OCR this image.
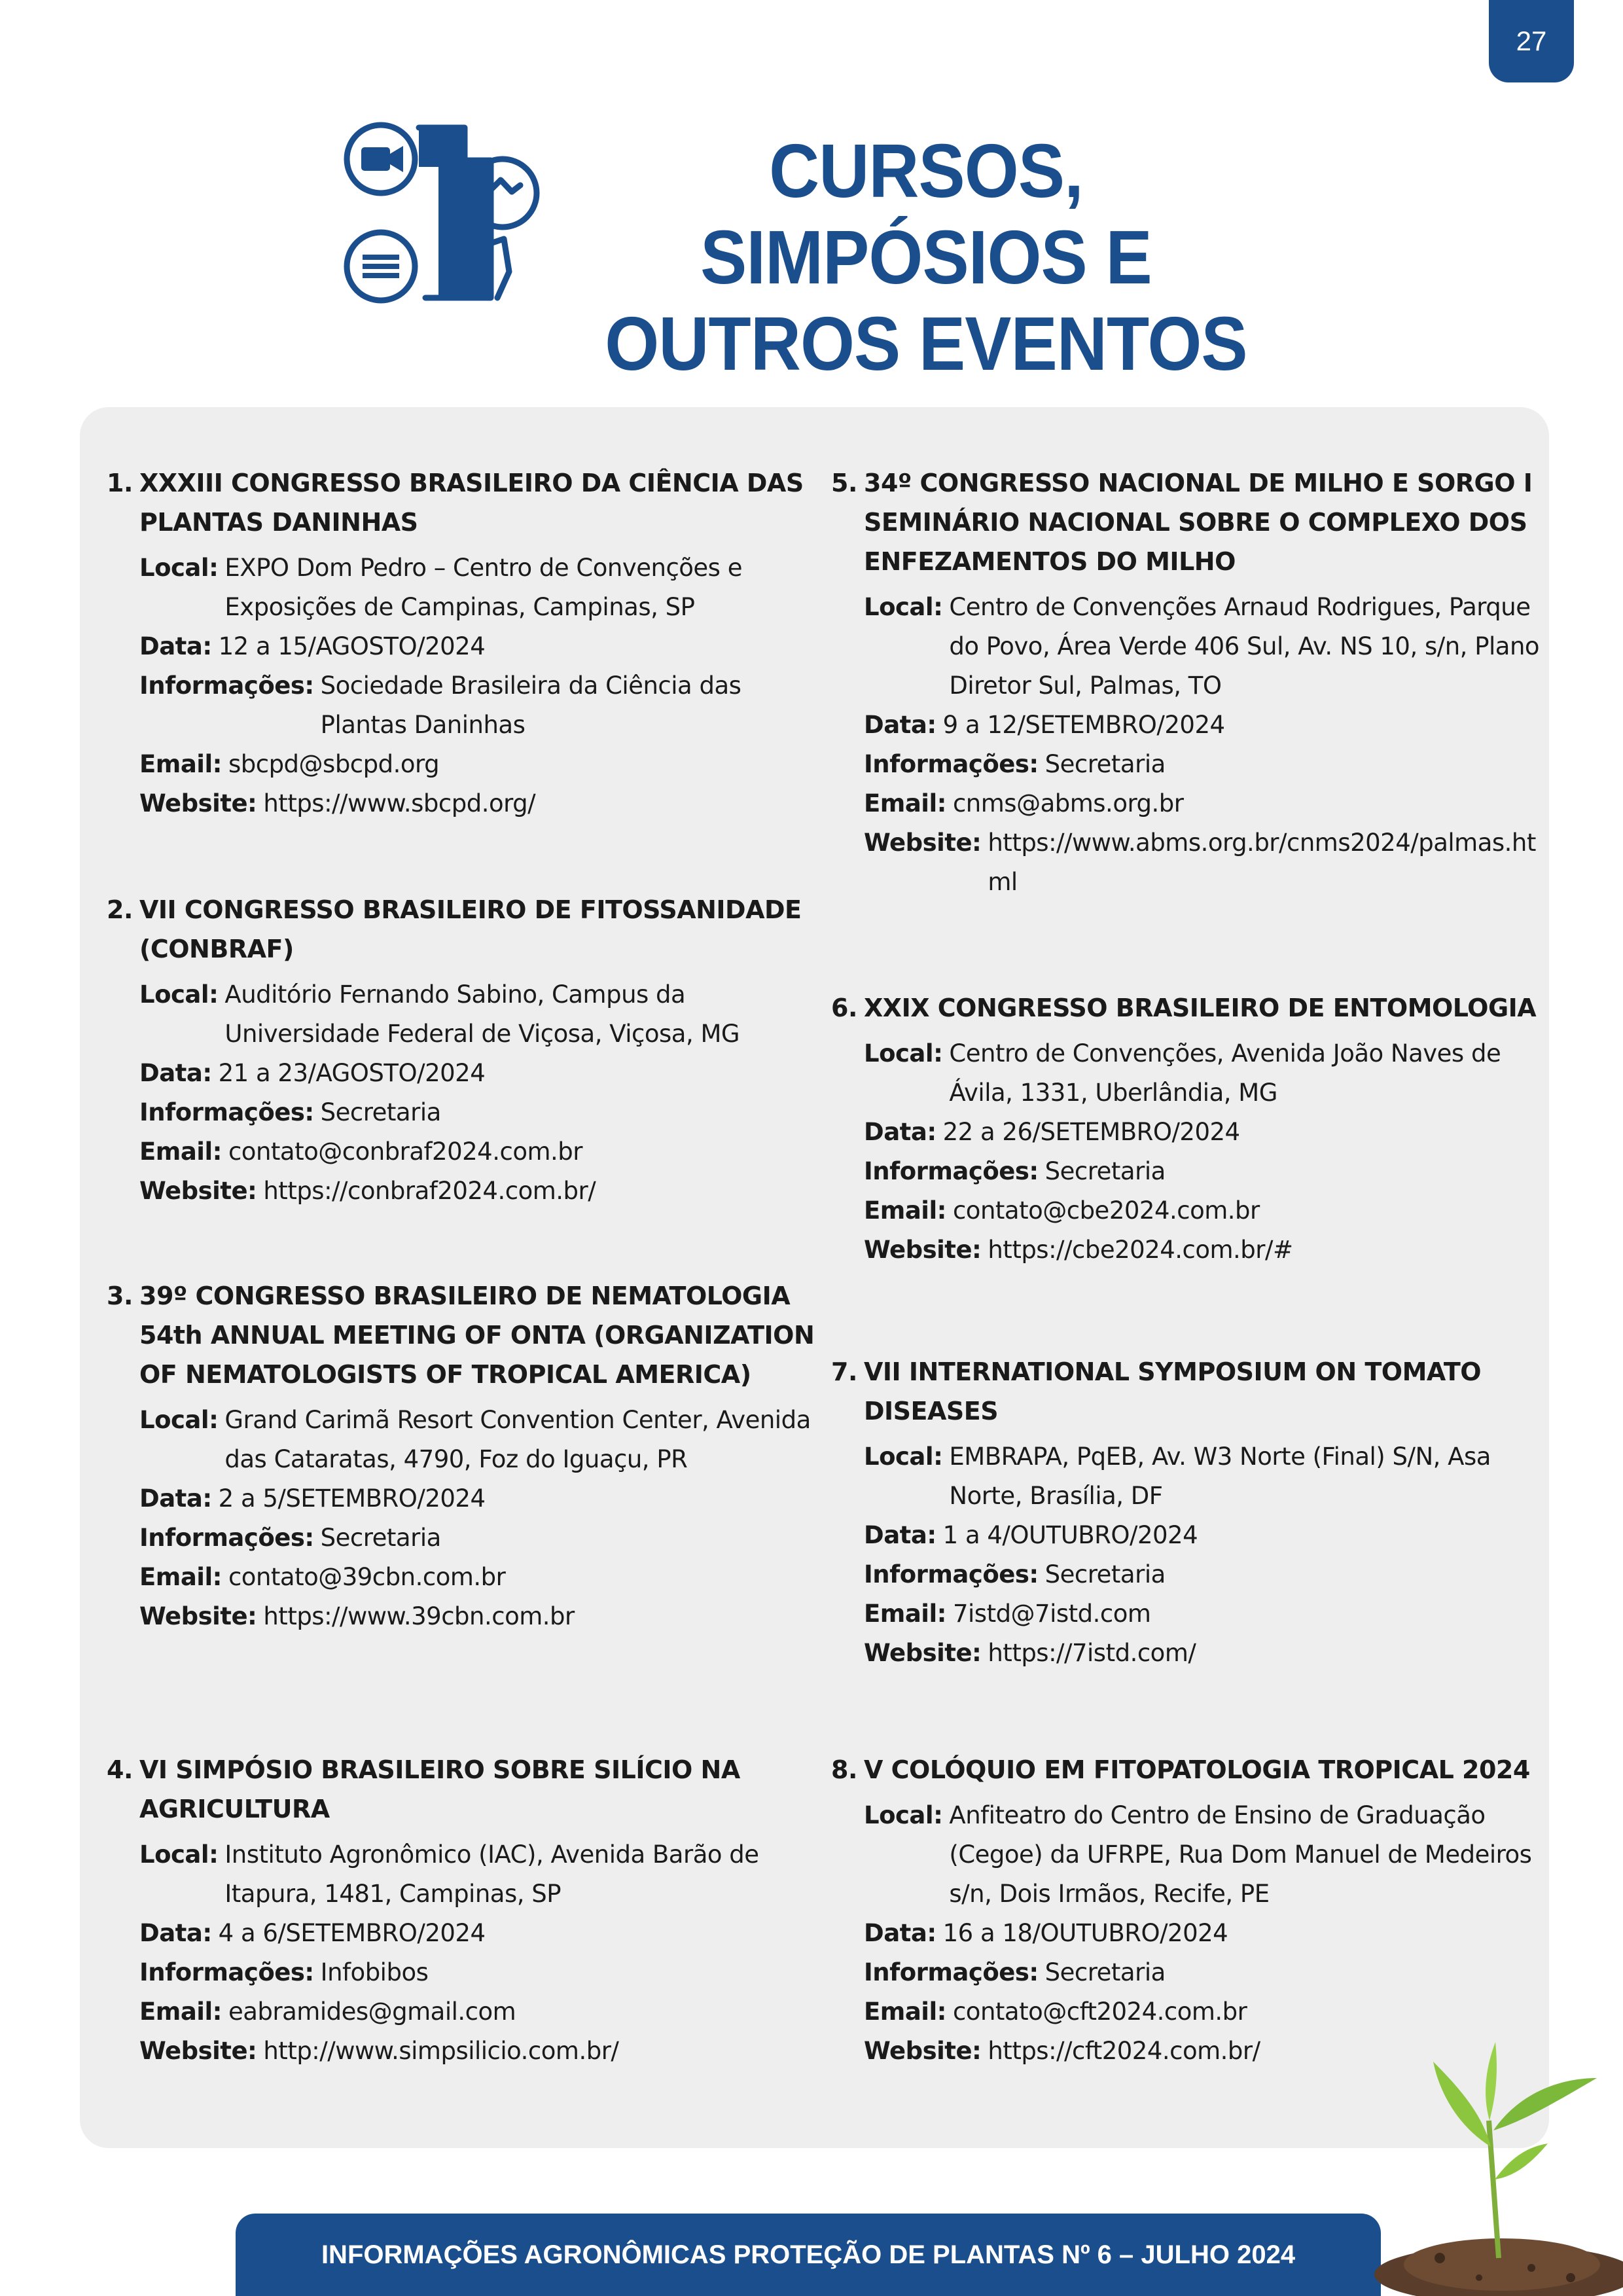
27
CURSOS, SIMPÓSIOS E
OUTROS EVENTOS

1. XXXIII CONGRESSO BRASILEIRO DA CIÊNCIA DAS PLANTAS DANINHAS

Local: EXPO Dom Pedro – Centro de Convenções e Exposições de Campinas, Campinas, SP
Data: 12 a 15/AGOSTO/2024
Informações: Sociedade Brasileira da Ciência das Plantas Daninhas
Email: sbcpd@sbcpd.org
Website: https://www.sbcpd.org/

2. VII CONGRESSO BRASILEIRO DE FITOSSANIDADE (CONBRAF)

Local: Auditório Fernando Sabino, Campus da Universidade Federal de Viçosa, Viçosa, MG
Data: 21 a 23/AGOSTO/2024
Informações: Secretaria
Email: contato@conbraf2024.com.br
Website: https://conbraf2024.com.br/

3. 39º CONGRESSO BRASILEIRO DE NEMATOLOGIA 54th ANNUAL MEETING OF ONTA (ORGANIZATION OF NEMATOLOGISTS OF TROPICAL AMERICA)

Local: Grand Carimã Resort Convention Center, Avenida das Cataratas, 4790, Foz do Iguaçu, PR
Data: 2 a 5/SETEMBRO/2024
Informações: Secretaria
Email: contato@39cbn.com.br
Website: https://www.39cbn.com.br

4. VI SIMPÓSIO BRASILEIRO SOBRE SILÍCIO NA AGRICULTURA

Local: Instituto Agronômico (IAC), Avenida Barão de Itapura, 1481, Campinas, SP
Data: 4 a 6/SETEMBRO/2024
Informações: Infobibos
Email: eabramides@gmail.com
Website: http://www.simpsilicio.com.br/

5. 34º CONGRESSO NACIONAL DE MILHO E SORGO I SEMINÁRIO NACIONAL SOBRE O COMPLEXO DOS ENFEZAMENTOS DO MILHO

Local: Centro de Convenções Arnaud Rodrigues, Parque do Povo, Área Verde 406 Sul, Av. NS 10, s/n, Plano Diretor Sul, Palmas, TO
Data: 9 a 12/SETEMBRO/2024
Informações: Secretaria
Email: cnms@abms.org.br
Website: https://www.abms.org.br/cnms2024/palmas.html

6. XXIX CONGRESSO BRASILEIRO DE ENTOMOLOGIA

Local: Centro de Convenções, Avenida João Naves de Ávila, 1331, Uberlândia, MG
Data: 22 a 26/SETEMBRO/2024
Informações: Secretaria
Email: contato@cbe2024.com.br
Website: https://cbe2024.com.br/#

7. VII INTERNATIONAL SYMPOSIUM ON TOMATO DISEASES

Local: EMBRAPA, PqEB, Av. W3 Norte (Final) S/N, Asa Norte, Brasília, DF
Data: 1 a 4/OUTUBRO/2024
Informações: Secretaria
Email: 7istd@7istd.com
Website: https://7istd.com/

8. V COLÓQUIO EM FITOPATOLOGIA TROPICAL 2024

Local: Anfiteatro do Centro de Ensino de Graduação (Cegoe) da UFRPE, Rua Dom Manuel de Medeiros s/n, Dois Irmãos, Recife, PE
Data: 16 a 18/OUTUBRO/2024
Informações: Secretaria
Email: contato@cft2024.com.br
Website: https://cft2024.com.br/
INFORMAÇÕES AGRONÔMICAS PROTEÇÃO DE PLANTAS Nº 6 – JULHO 2024
